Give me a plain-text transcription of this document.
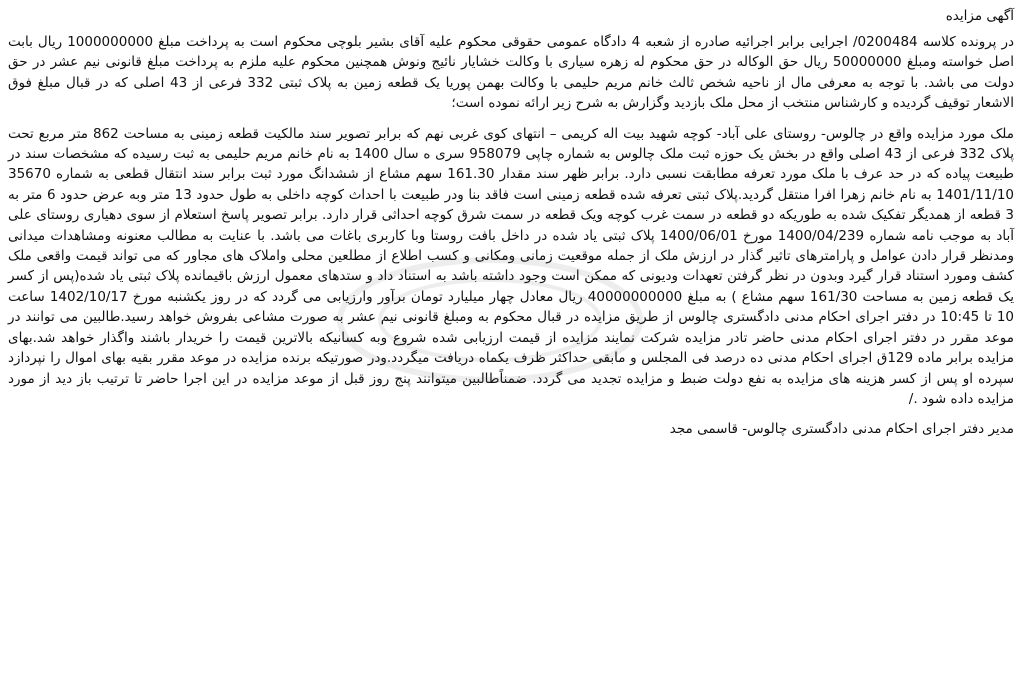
آگهی مزایده

در پرونده کلاسه 0200484/ اجرایی برابر اجرائیه صادره از شعبه 4 دادگاه عمومی حقوقی محکوم علیه آقای بشیر بلوچی محکوم است به پرداخت مبلغ 1000000000 ریال بابت اصل خواسته ومبلغ 50000000 ریال حق الوکاله در حق محکوم له زهره سیاری با وکالت خشایار نائیج ونوش همچنین محکوم علیه ملزم به پرداخت مبلغ قانونی نیم عشر در حق دولت می باشد. با توجه به معرفی مال از ناحیه شخص ثالث خانم مریم حلیمی با وکالت بهمن پوریا یک قطعه زمین به پلاک ثبتی 332 فرعی از 43 اصلی که در قبال مبلغ فوق الاشعار توقیف گردیده و کارشناس منتخب از محل ملک بازدید وگزارش به شرح زیر ارائه نموده است؛

ملک مورد مزایده واقع در چالوس- روستای علی آباد- کوچه شهید بیت اله کریمی – انتهای کوی غربی نهم که برابر تصویر سند مالکیت قطعه زمینی به مساحت 862 متر مربع تحت پلاک 332 فرعی از 43 اصلی واقع در بخش یک حوزه ثبت ملک چالوس به شماره چاپی 958079 سری ه سال 1400 به نام خانم مریم حلیمی به ثبت رسیده که مشخصات سند در طبیعت پیاده که در حد عرف با ملک مورد تعرفه مطابقت نسبی دارد. برابر ظهر سند مقدار 161.30 سهم مشاع از ششدانگ مورد ثبت برابر سند انتقال قطعی به شماره 35670 1401/11/10 به نام خانم زهرا افرا منتقل گردید.پلاک ثبتی تعرفه شده قطعه زمینی است فاقد بنا ودر طبیعت با احداث کوچه داخلی به طول حدود 13 متر وبه عرض حدود 6 متر به 3 قطعه از همدیگر تفکیک شده به طوریکه دو قطعه در سمت غرب کوچه ویک قطعه در سمت شرق کوچه احداثی قرار دارد. برابر تصویر پاسخ استعلام از سوی دهیاری روستای علی آباد به موجب نامه شماره 1400/04/239 مورخ 1400/06/01 پلاک ثبتی یاد شده در داخل بافت روستا وبا کاربری باغات می باشد. با عنایت به مطالب معنونه ومشاهدات میدانی ومدنظر قرار دادن عوامل و پارامترهای تاثیر گذار در ارزش ملک از جمله موقعیت زمانی ومکانی و کسب اطلاع از مطلعین محلی واملاک های مجاور که می تواند قیمت واقعی ملک کشف ومورد استناد قرار گیرد وبدون در نظر گرفتن تعهدات ودیونی که ممکن است وجود داشته باشد به استناد داد و ستدهای معمول ارزش باقیمانده پلاک ثبتی یاد شده(پس از کسر یک قطعه زمین به مساحت 161/30 سهم مشاع ) به مبلغ 40000000000 ریال معادل چهار میلیارد تومان برآور وارزیابی می گردد که در روز یکشنبه مورخ 1402/10/17 ساعت 10 تا 10:45 در دفتر اجرای احکام مدنی دادگستری چالوس از طریق مزایده در قبال محکوم به ومبلغ قانونی نیم عشر به صورت مشاعی بفروش خواهد رسید.طالبین می توانند در موعد مقرر در دفتر اجرای احکام مدنی حاضر تادر مزایده شرکت نمایند مزایده از قیمت ارزیابی شده شروع وبه کسانیکه بالاترین قیمت را خریدار باشند واگذار خواهد شد.بهای مزایده برابر ماده 129ق اجرای احکام مدنی ده درصد فی المجلس و مابقی حداکثر ظرف یکماه دریافت میگردد.ودر صورتیکه برنده مزایده در موعد مقرر بقیه بهای اموال را نپردازد سپرده او پس از کسر هزینه های مزایده به نفع دولت ضبط و مزایده تجدید می گردد. ضمناًطالبین میتوانند پنج روز قبل از موعد مزایده در این اجرا حاضر تا ترتیب باز دید از مورد مزایده داده شود ./

مدیر دفتر اجرای احکام مدنی دادگستری چالوس- قاسمی مجد
